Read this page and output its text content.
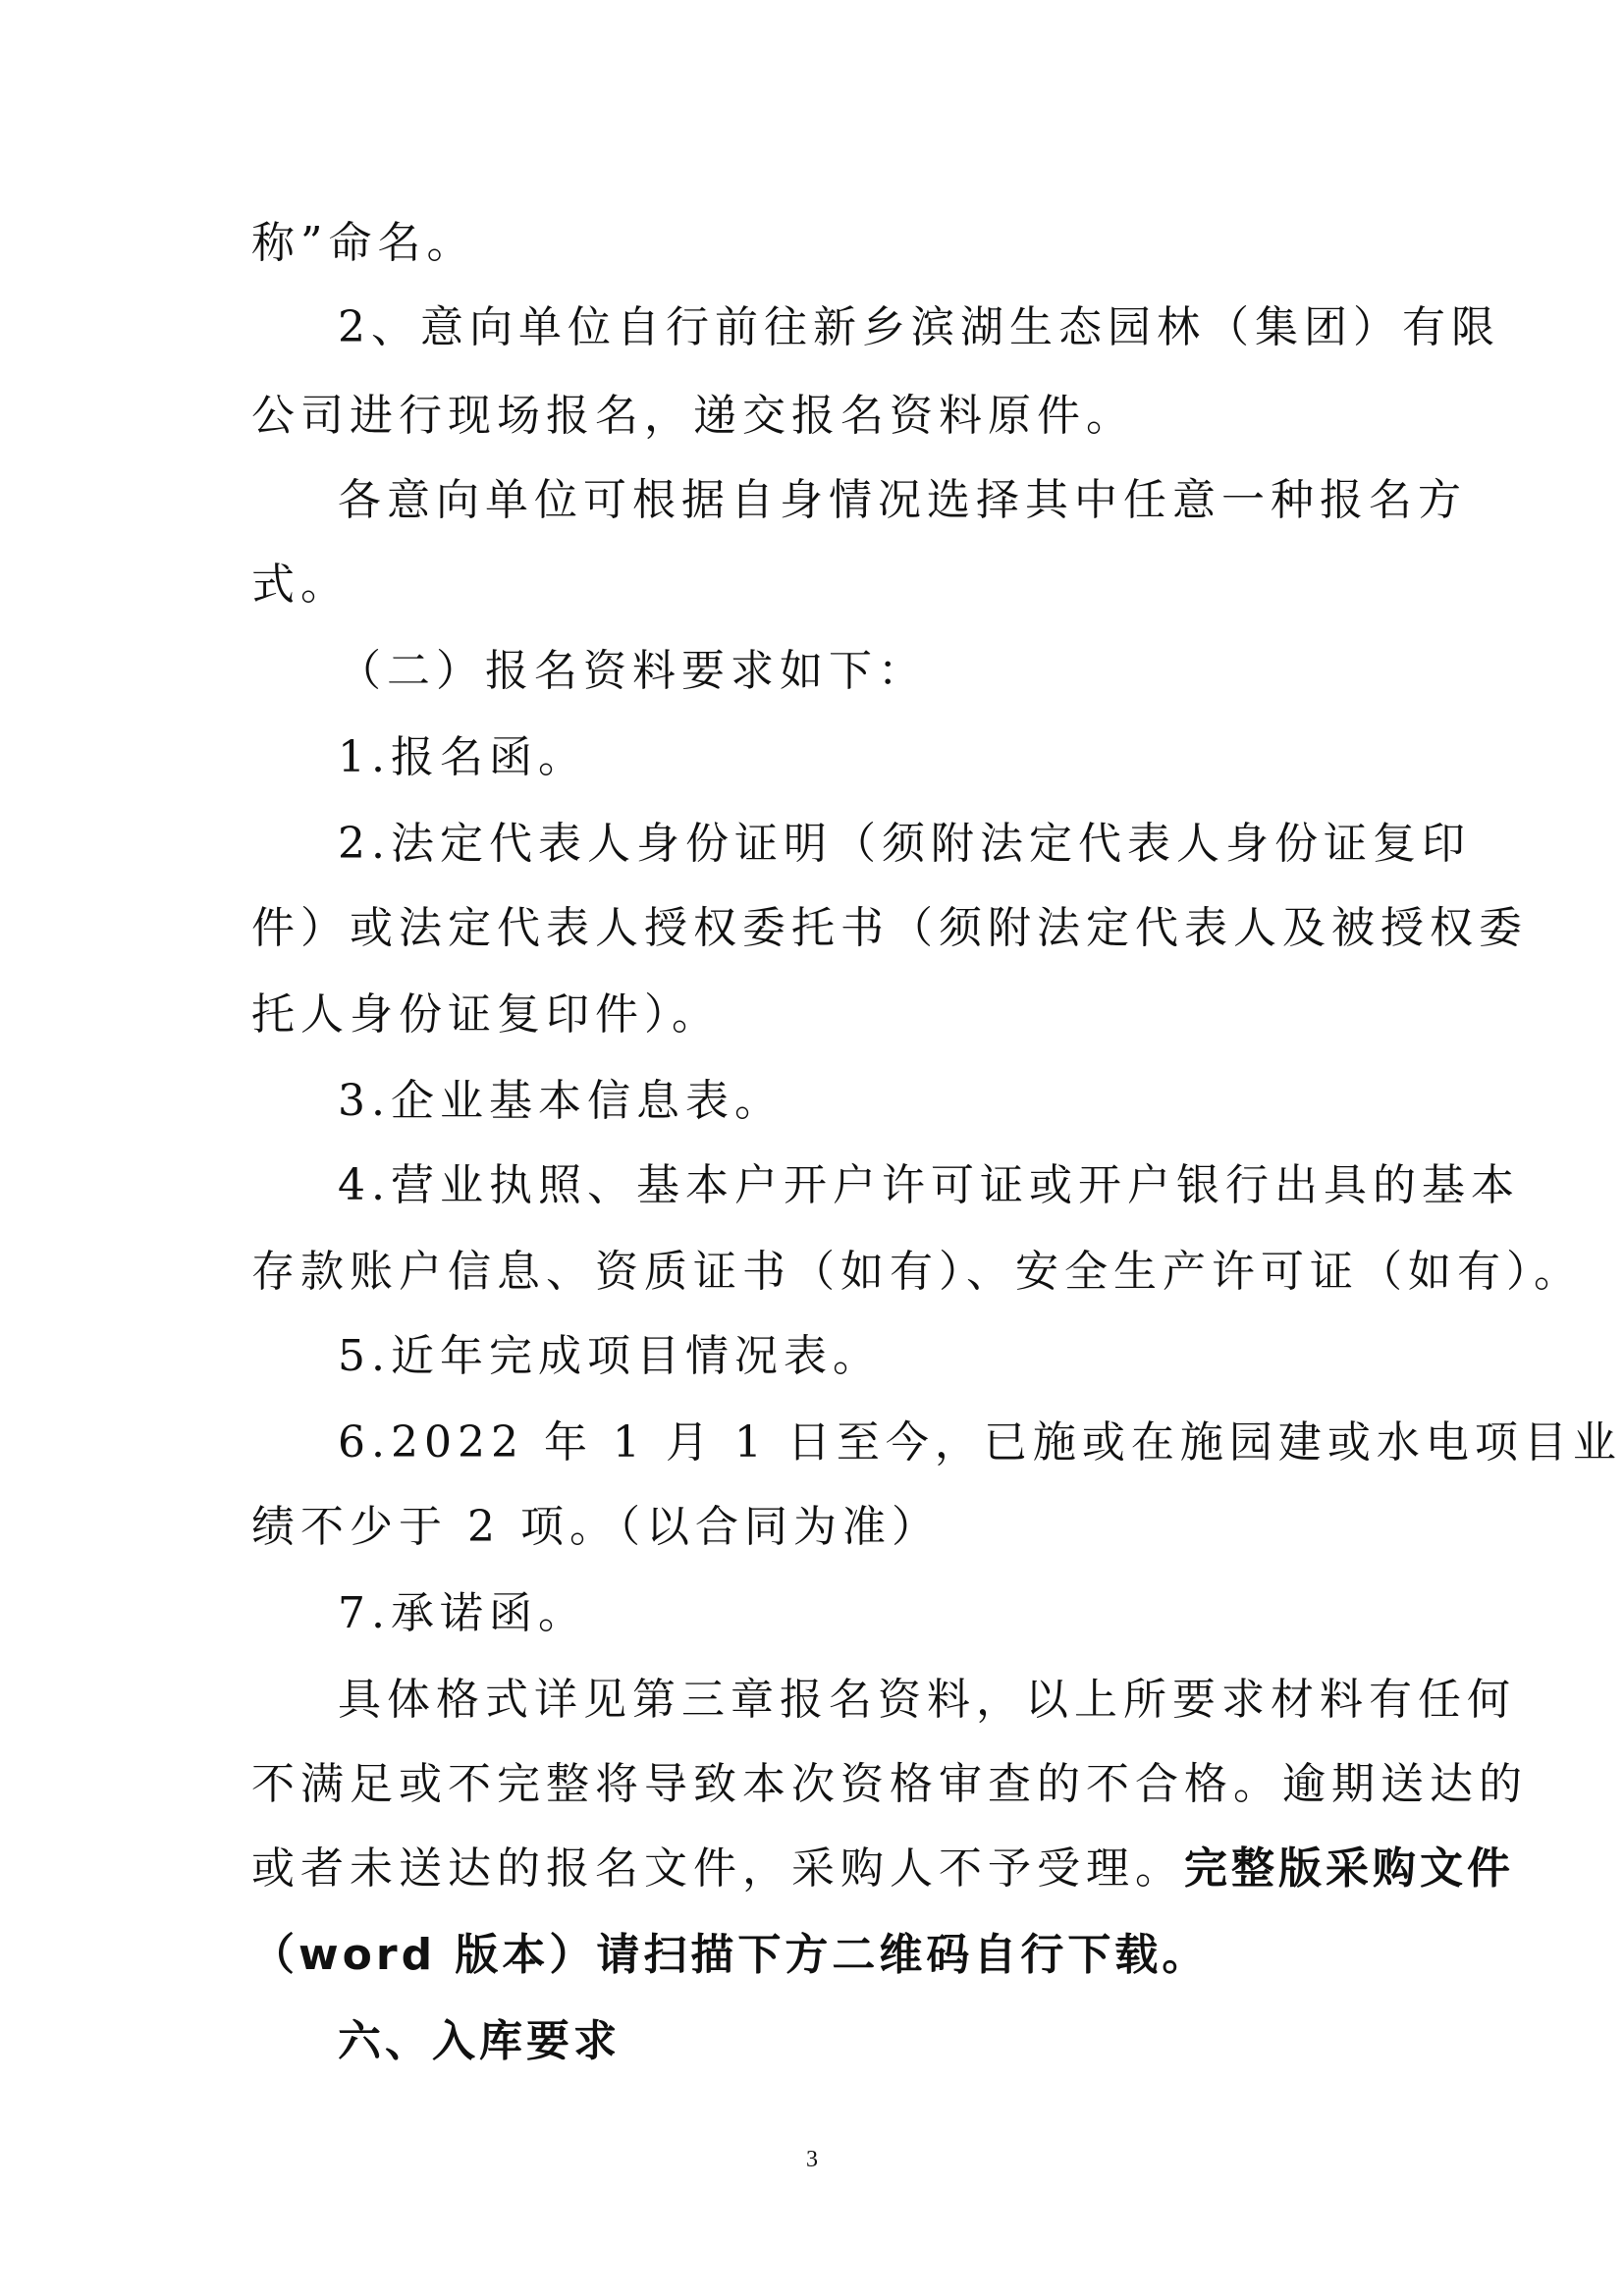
称”命名。
2、意向单位自行前往新乡滨湖生态园林（集团）有限
公司进行现场报名，递交报名资料原件。
各意向单位可根据自身情况选择其中任意一种报名方
式。
（二）报名资料要求如下：
1.报名函。
2.法定代表人身份证明（须附法定代表人身份证复印
件）或法定代表人授权委托书（须附法定代表人及被授权委
托人身份证复印件）。
3.企业基本信息表。
4.营业执照、基本户开户许可证或开户银行出具的基本
存款账户信息、资质证书（如有）、安全生产许可证（如有）。
5.近年完成项目情况表。
6.2022 年 1 月 1 日至今，已施或在施园建或水电项目业
绩不少于 2 项。（以合同为准）
7.承诺函。
具体格式详见第三章报名资料，以上所要求材料有任何
不满足或不完整将导致本次资格审查的不合格。逾期送达的
或者未送达的报名文件，采购人不予受理。完整版采购文件
（word 版本）请扫描下方二维码自行下载。
六、入库要求
3
